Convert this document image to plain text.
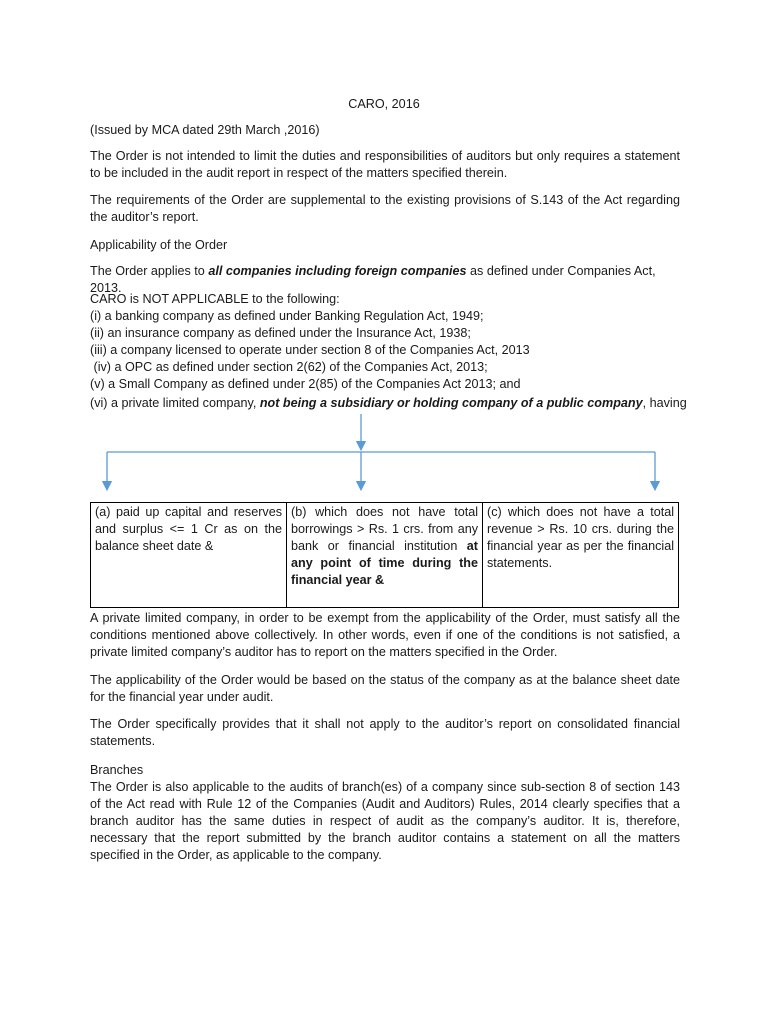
CARO, 2016

(Issued by MCA dated 29th March ,2016)

The Order is not intended to limit the duties and responsibilities of auditors but only requires a statement to be included in the audit report in respect of the matters specified therein.

The requirements of the Order are supplemental to the existing provisions of S.143 of the Act regarding the auditor’s report.

Applicability of the Order

The Order applies to all companies including foreign companies as defined under Companies Act, 2013.

CARO is NOT APPLICABLE to the following:

(i) a banking company as defined under Banking Regulation Act, 1949;

(ii) an insurance company as defined under the Insurance Act, 1938;

(iii) a company licensed to operate under section 8 of the Companies Act, 2013

(iv) a OPC as defined under section 2(62) of the Companies Act, 2013;

(v) a Small Company as defined under 2(85) of the Companies Act 2013; and

(vi) a private limited company, not being a subsidiary or holding company of a public company, having

(a) paid up capital and reserves and surplus <= 1 Cr as on the balance sheet date &	(b) which does not have total borrowings > Rs. 1 crs. from any bank or financial institution at any point of time during the financial year &	(c) which does not have a total revenue > Rs. 10 crs. during the financial year as per the financial statements.

A private limited company, in order to be exempt from the applicability of the Order, must satisfy all the conditions mentioned above collectively. In other words, even if one of the conditions is not satisfied, a private limited company’s auditor has to report on the matters specified in the Order.

The applicability of the Order would be based on the status of the company as at the balance sheet date for the financial year under audit.

The Order specifically provides that it shall not apply to the auditor’s report on consolidated financial statements.

Branches

The Order is also applicable to the audits of branch(es) of a company since sub-section 8 of section 143 of the Act read with Rule 12 of the Companies (Audit and Auditors) Rules, 2014 clearly specifies that a branch auditor has the same duties in respect of audit as the company’s auditor. It is, therefore, necessary that the report submitted by the branch auditor contains a statement on all the matters specified in the Order, as applicable to the company.
